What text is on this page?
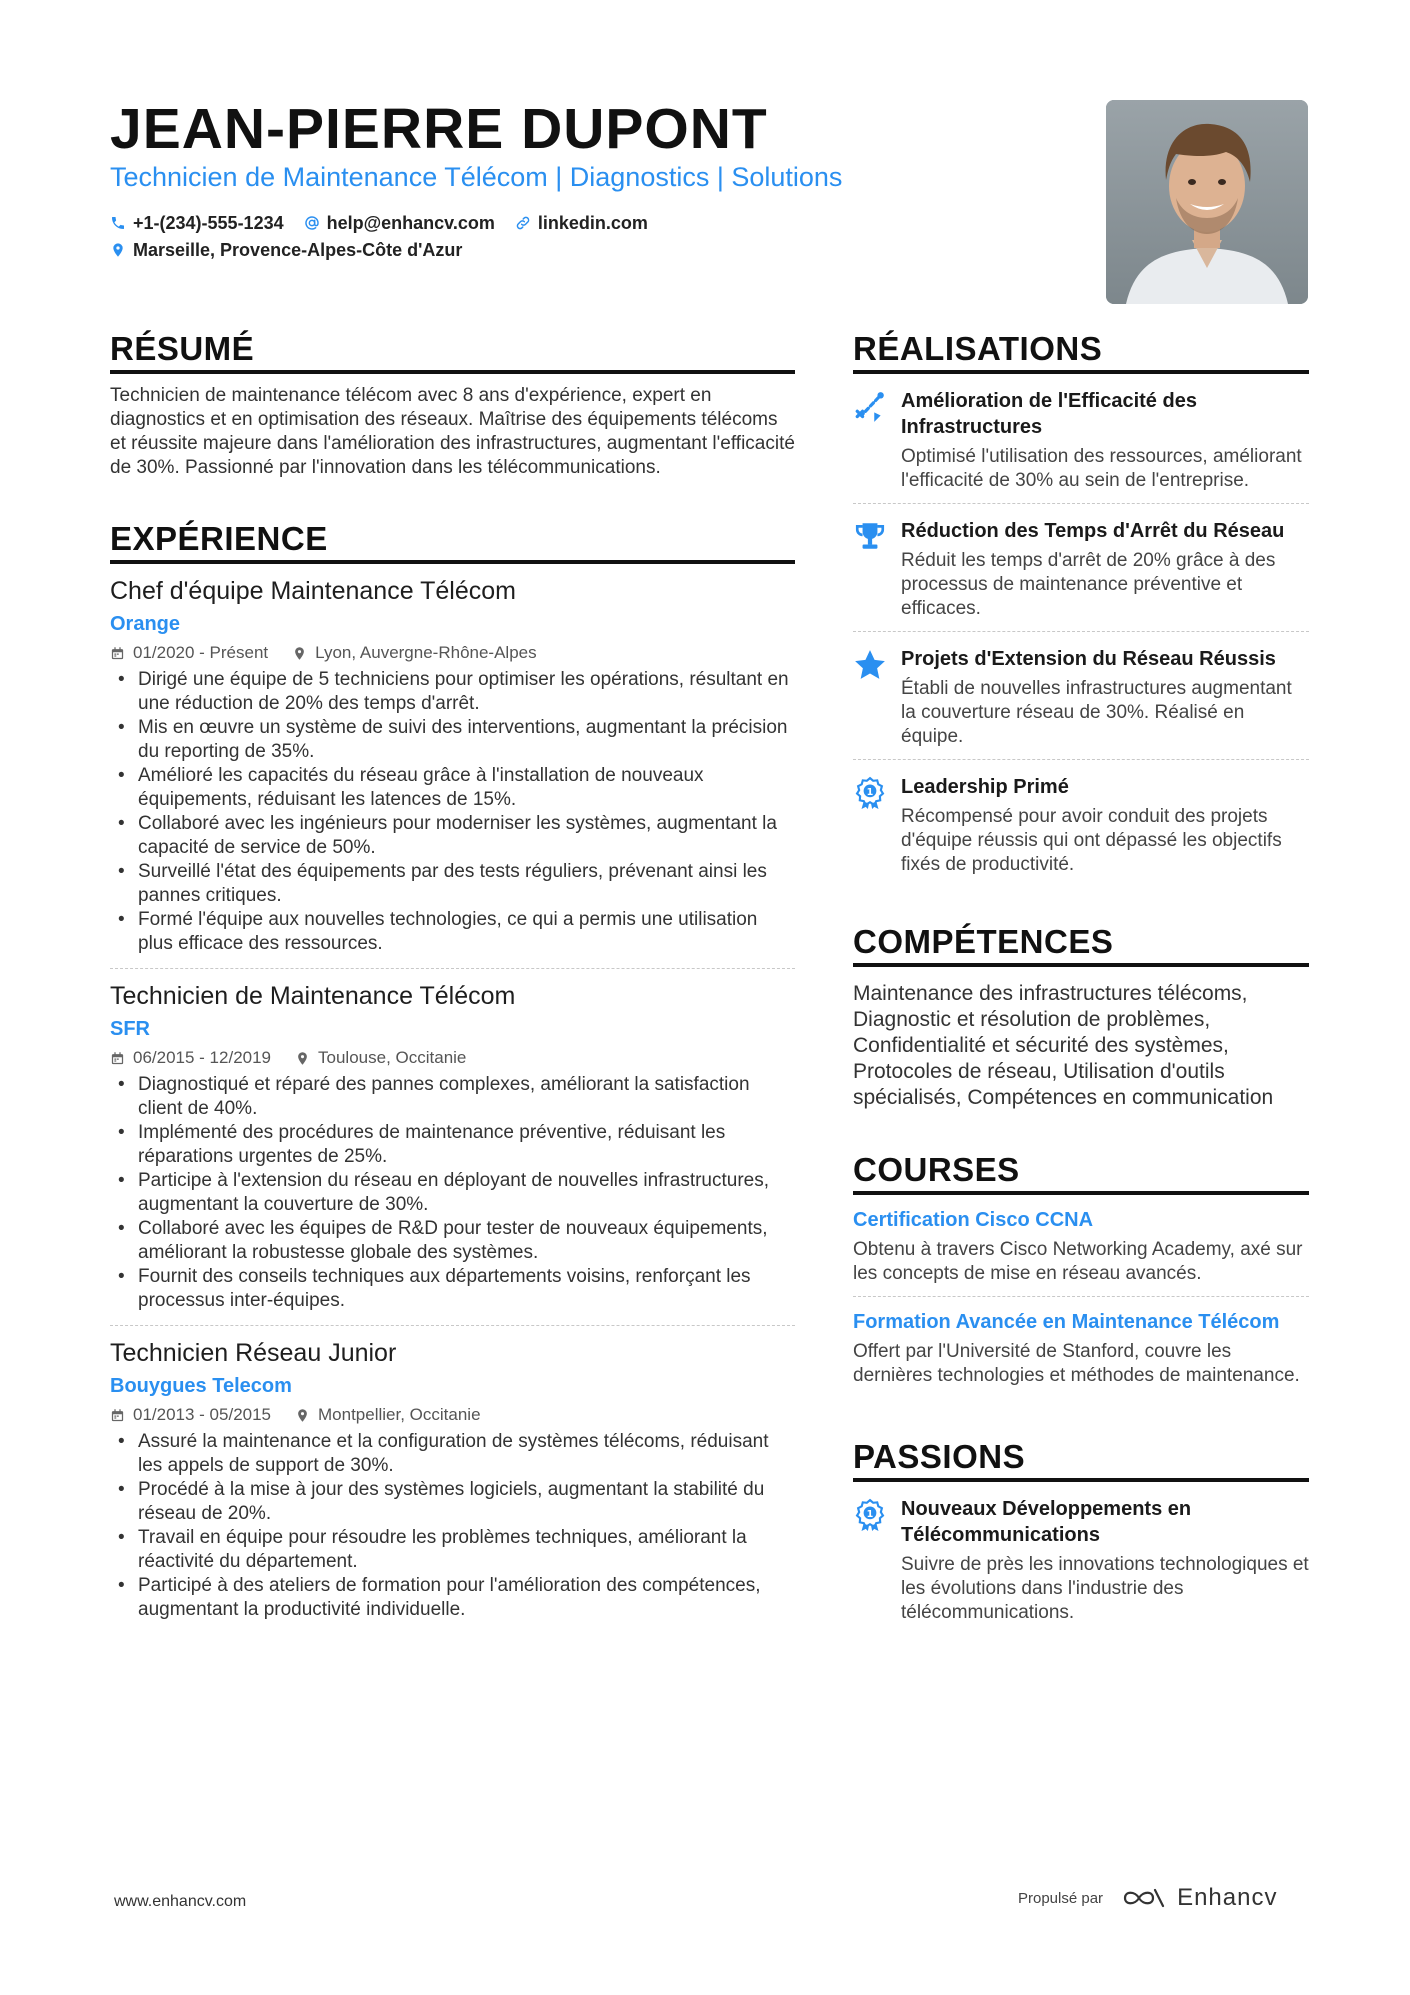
JEAN-PIERRE DUPONT
Technicien de Maintenance Télécom | Diagnostics | Solutions
+1-(234)-555-1234 help@enhancv.com linkedin.com
Marseille, Provence-Alpes-Côte d'Azur
RÉSUMÉ
Technicien de maintenance télécom avec 8 ans d'expérience, expert en diagnostics et en optimisation des réseaux. Maîtrise des équipements télécoms et réussite majeure dans l'amélioration des infrastructures, augmentant l'efficacité de 30%. Passionné par l'innovation dans les télécommunications.
EXPÉRIENCE
Chef d'équipe Maintenance Télécom
Orange
01/2020 - Présent	Lyon, Auvergne-Rhône-Alpes
• Dirigé une équipe de 5 techniciens pour optimiser les opérations, résultant en une réduction de 20% des temps d'arrêt.
• Mis en œuvre un système de suivi des interventions, augmentant la précision du reporting de 35%.
• Amélioré les capacités du réseau grâce à l'installation de nouveaux équipements, réduisant les latences de 15%.
• Collaboré avec les ingénieurs pour moderniser les systèmes, augmentant la capacité de service de 50%.
• Surveillé l'état des équipements par des tests réguliers, prévenant ainsi les pannes critiques.
• Formé l'équipe aux nouvelles technologies, ce qui a permis une utilisation plus efficace des ressources.
Technicien de Maintenance Télécom
SFR
06/2015 - 12/2019	Toulouse, Occitanie
• Diagnostiqué et réparé des pannes complexes, améliorant la satisfaction client de 40%.
• Implémenté des procédures de maintenance préventive, réduisant les réparations urgentes de 25%.
• Participe à l'extension du réseau en déployant de nouvelles infrastructures, augmentant la couverture de 30%.
• Collaboré avec les équipes de R&D pour tester de nouveaux équipements, améliorant la robustesse globale des systèmes.
• Fournit des conseils techniques aux départements voisins, renforçant les processus inter-équipes.
Technicien Réseau Junior
Bouygues Telecom
01/2013 - 05/2015	Montpellier, Occitanie
• Assuré la maintenance et la configuration de systèmes télécoms, réduisant les appels de support de 30%.
• Procédé à la mise à jour des systèmes logiciels, augmentant la stabilité du réseau de 20%.
• Travail en équipe pour résoudre les problèmes techniques, améliorant la réactivité du département.
• Participé à des ateliers de formation pour l'amélioration des compétences, augmentant la productivité individuelle.
RÉALISATIONS
Amélioration de l'Efficacité des Infrastructures
Optimisé l'utilisation des ressources, améliorant l'efficacité de 30% au sein de l'entreprise.
Réduction des Temps d'Arrêt du Réseau
Réduit les temps d'arrêt de 20% grâce à des processus de maintenance préventive et efficaces.
Projets d'Extension du Réseau Réussis
Établi de nouvelles infrastructures augmentant la couverture réseau de 30%. Réalisé en équipe.
1 Leadership Primé
Récompensé pour avoir conduit des projets d'équipe réussis qui ont dépassé les objectifs fixés de productivité.
COMPÉTENCES
Maintenance des infrastructures télécoms, Diagnostic et résolution de problèmes, Confidentialité et sécurité des systèmes, Protocoles de réseau, Utilisation d'outils spécialisés, Compétences en communication
COURSES
Certification Cisco CCNA
Obtenu à travers Cisco Networking Academy, axé sur les concepts de mise en réseau avancés.
Formation Avancée en Maintenance Télécom
Offert par l'Université de Stanford, couvre les dernières technologies et méthodes de maintenance.
PASSIONS
1 Nouveaux Développements en Télécommunications
Suivre de près les innovations technologiques et les évolutions dans l'industrie des télécommunications.
www.enhancv.com	Propulsé par	Enhancv
